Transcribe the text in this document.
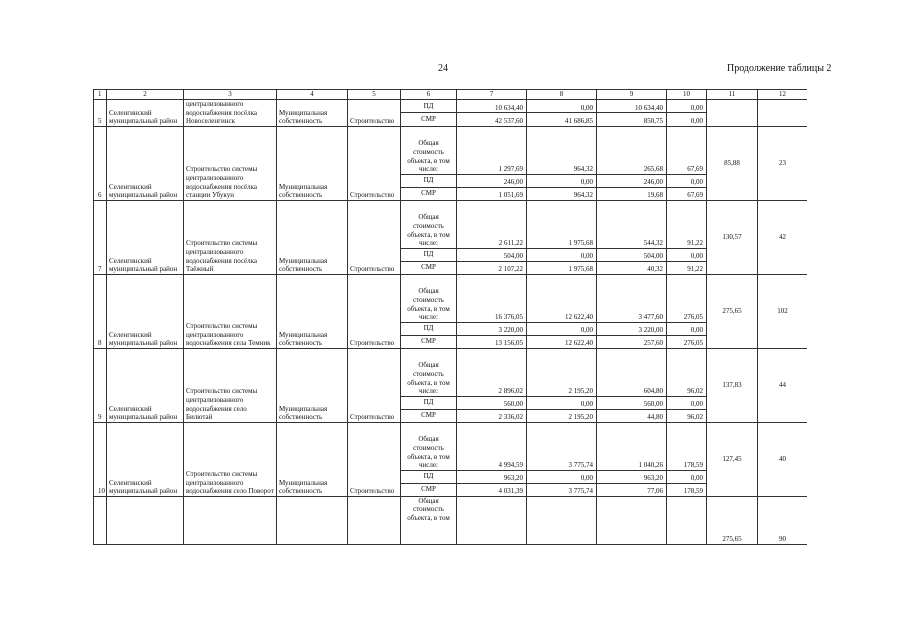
24	Продолжение таблицы 2
1	2	3	4	5	6	7	8	9	10	11	12
5	Селенгинский муниципальный район	централизованного водоснабжения посёлка Новоселенгинск	Муниципальная собственность	Строительство	ПД	10 634,40	0,00	10 634,40	0,00		
					СМР	42 537,60	41 686,85	850,75	0,00		
6	Селенгинский муниципальный район	Строительство системы централизованного водоснабжения посёлка станции Убукун	Муниципальная собственность	Строительство	Общая стоимость объекта, в том числе:	1 297,69	964,32	265,68	67,69	85,88	23
					ПД	246,00	0,00	246,00	0,00		
					СМР	1 051,69	964,32	19,68	67,69		
7	Селенгинский муниципальный район	Строительство системы централизованного водоснабжения посёлка Таёжный	Муниципальная собственность	Строительство	Общая стоимость объекта, в том числе:	2 611,22	1 975,68	544,32	91,22	130,57	42
					ПД	504,00	0,00	504,00	0,00		
					СМР	2 107,22	1 975,68	40,32	91,22		
8	Селенгинский муниципальный район	Строительство системы централизованного водоснабжения села Темник	Муниципальная собственность	Строительство	Общая стоимость объекта, в том числе:	16 376,05	12 622,40	3 477,60	276,05	275,65	102
					ПД	3 220,00	0,00	3 220,00	0,00		
					СМР	13 156,05	12 622,40	257,60	276,05		
9	Селенгинский муниципальный район	Строительство системы централизованного водоснабжения село Билютай	Муниципальная собственность	Строительство	Общая стоимость объекта, в том числе:	2 896,02	2 195,20	604,80	96,02	137,83	44
					ПД	560,00	0,00	560,00	0,00		
					СМР	2 336,02	2 195,20	44,80	96,02		
10	Селенгинский муниципальный район	Строительство системы централизованного водоснабжения село Поворот	Муниципальная собственность	Строительство	Общая стоимость объекта, в том числе:	4 994,59	3 775,74	1 040,26	178,59	127,45	40
					ПД	963,20	0,00	963,20	0,00		
					СМР	4 031,39	3 775,74	77,06	178,59		
					Общая стоимость объекта, в том					275,65	90
